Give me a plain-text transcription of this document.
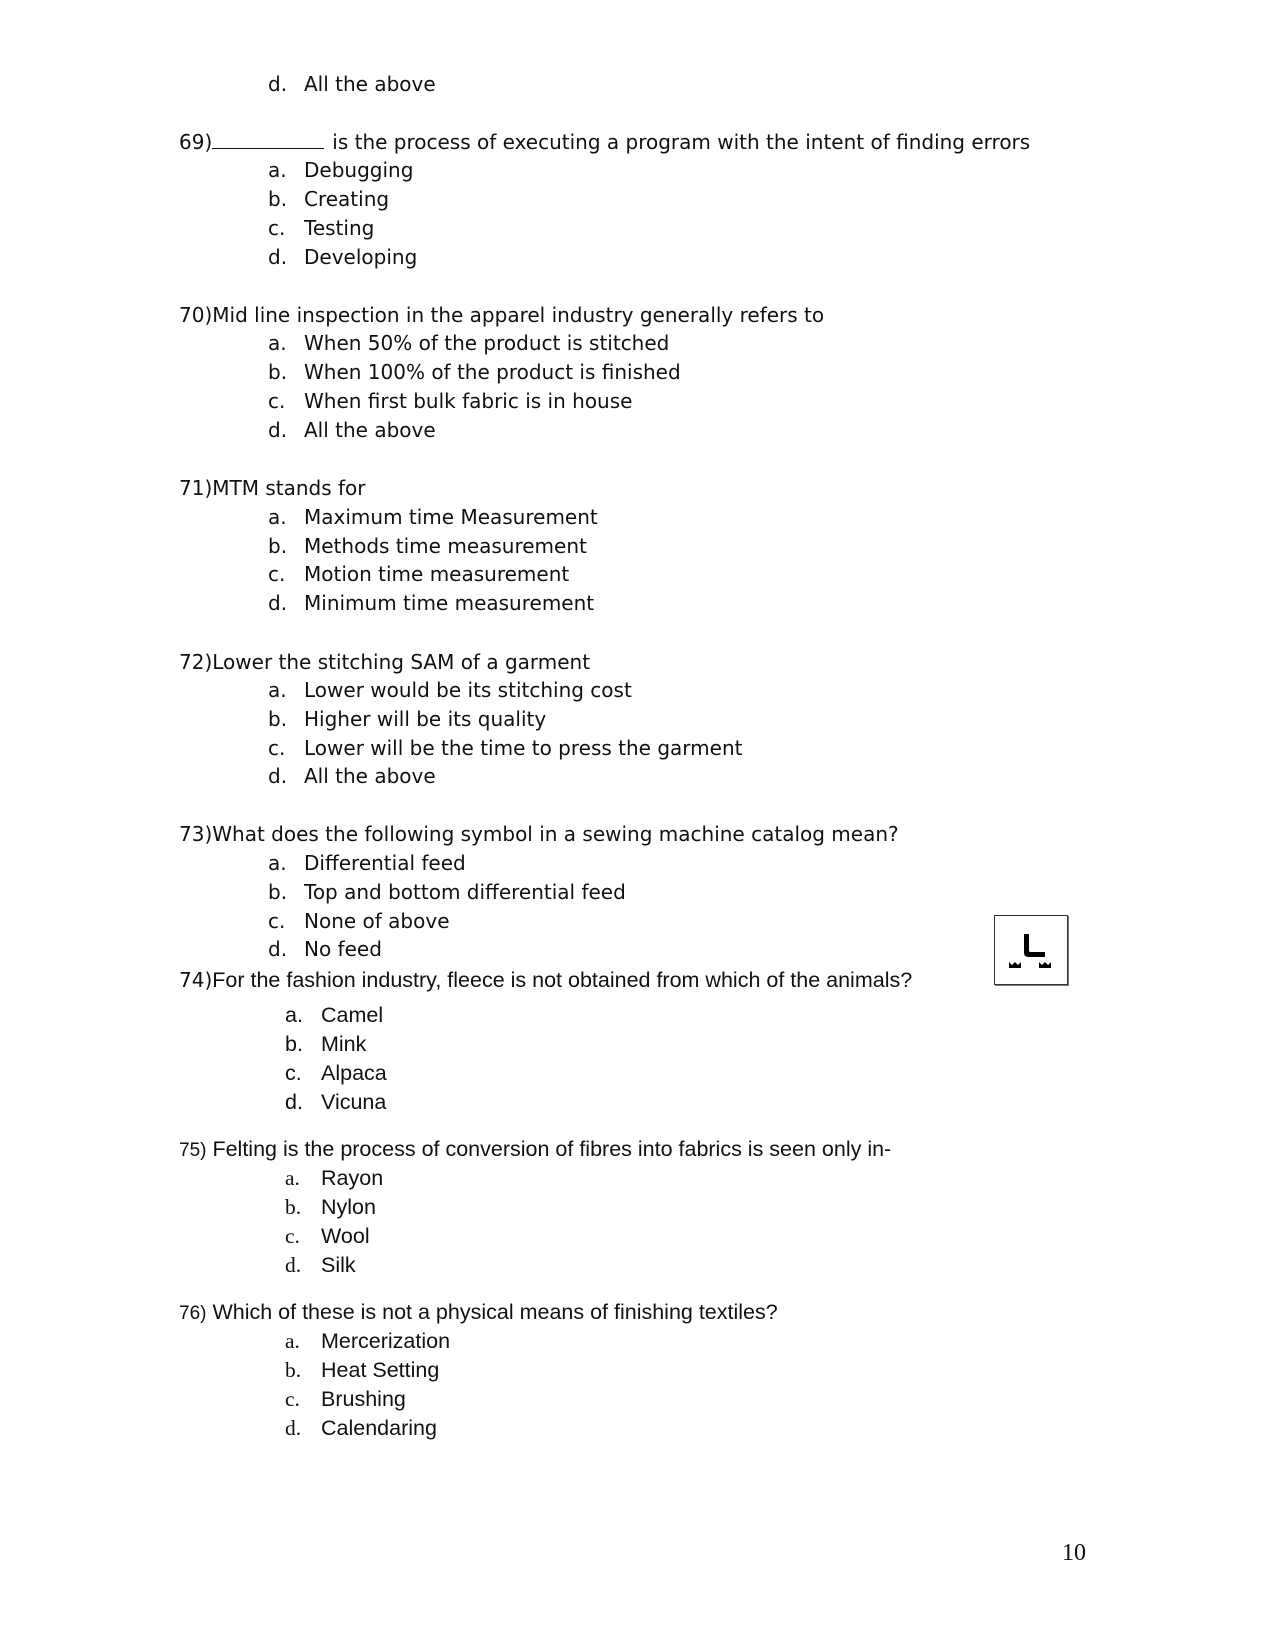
d. All the above
69)	is the process of executing a program with the intent of finding errors
a. Debugging
b. Creating
c. Testing
d. Developing
70)Mid line inspection in the apparel industry generally refers to
a. When 50% of the product is stitched
b. When 100% of the product is finished
c. When first bulk fabric is in house
d. All the above
71)MTM stands for
a. Maximum time Measurement
b. Methods time measurement
c. Motion time measurement
d. Minimum time measurement
72)Lower the stitching SAM of a garment
a. Lower would be its stitching cost
b. Higher will be its quality
c. Lower will be the time to press the garment
d. All the above
73)What does the following symbol in a sewing machine catalog mean?
a. Differential feed
b. Top and bottom differential feed
c. None of above
d. No feed
74)For the fashion industry, fleece is not obtained from which of the animals?
a. Camel
b. Mink
c. Alpaca
d. Vicuna
75) Felting is the process of conversion of fibres into fabrics is seen only in-
a. Rayon
b. Nylon
c. Wool
d. Silk
76) Which of these is not a physical means of finishing textiles?
a. Mercerization
b. Heat Setting
c. Brushing
d. Calendaring
10
